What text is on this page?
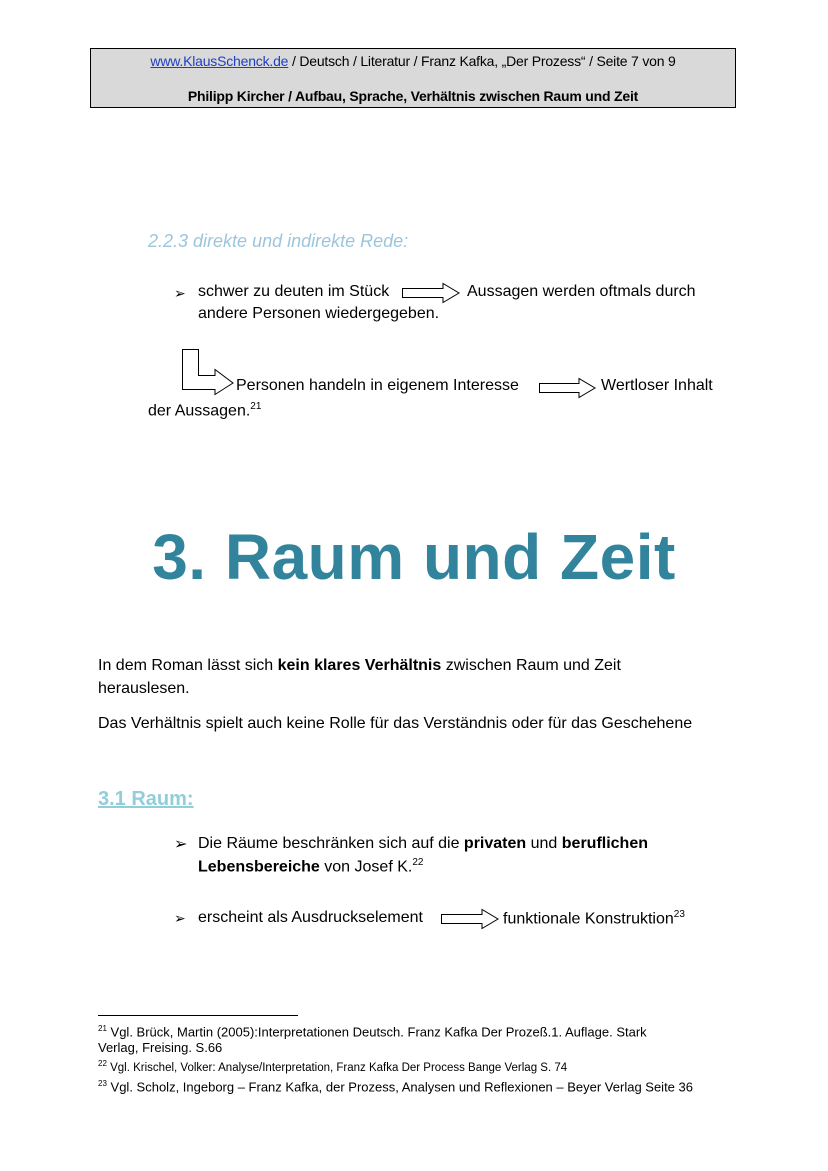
www.KlausSchenck.de / Deutsch / Literatur / Franz Kafka, „Der Prozess“ / Seite 7 von 9
Philipp Kircher / Aufbau, Sprache, Verhältnis zwischen Raum und Zeit
2.2.3 direkte und indirekte Rede:
➢ schwer zu deuten im Stück	Aussagen werden oftmals durch
andere Personen wiedergegeben.
Personen handeln in eigenem Interesse	Wertloser Inhalt
der Aussagen.$^{21}$
3. Raum und Zeit
In dem Roman lässt sich kein klares Verhältnis zwischen Raum und Zeit
herauslesen.
Das Verhältnis spielt auch keine Rolle für das Verständnis oder für das Geschehene
3.1 Raum:
➢ Die Räume beschränken sich auf die privaten und beruflichen
Lebensbereiche von Josef K.$^{22}$
➢ erscheint als Ausdruckselement	funktionale Konstruktion$^{23}$

$^{21}$ Vgl. Brück, Martin (2005):Interpretationen Deutsch. Franz Kafka Der Prozeß.1. Auflage. Stark
Verlag, Freising. S.66

$^{22}$ Vgl. Krischel, Volker: Analyse/Interpretation, Franz Kafka Der Process Bange Verlag S. 74

$^{23}$ Vgl. Scholz, Ingeborg – Franz Kafka, der Prozess, Analysen und Reflexionen – Beyer Verlag Seite 36
